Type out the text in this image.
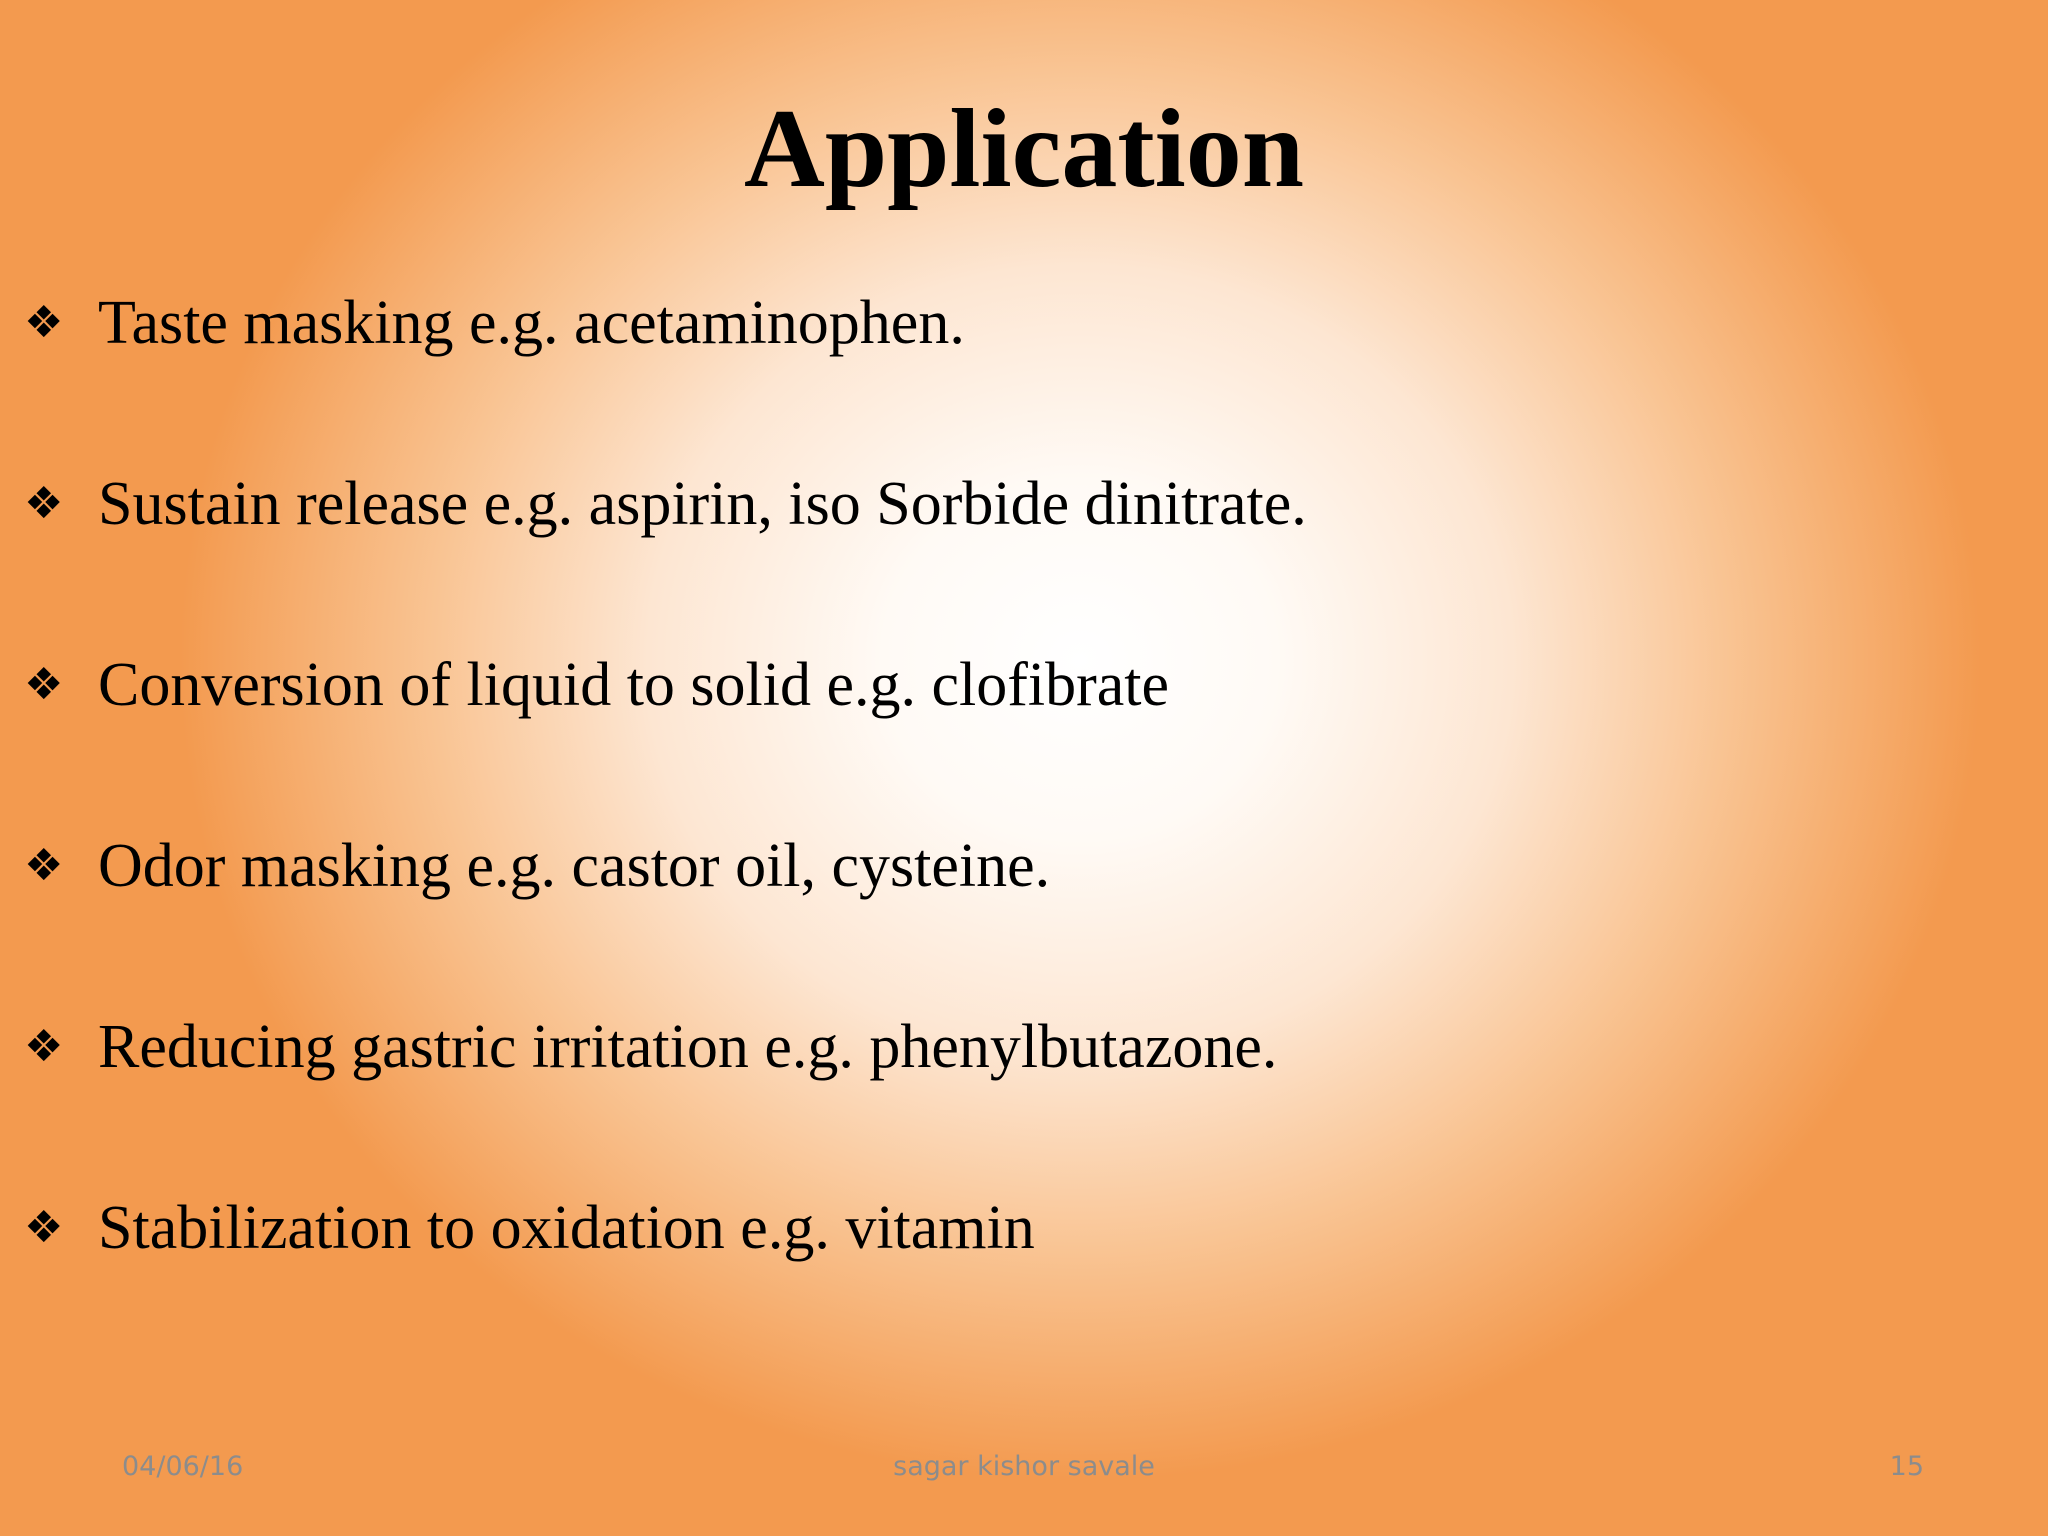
Application
❖ Taste masking e.g. acetaminophen.
❖ Sustain release e.g. aspirin, iso Sorbide dinitrate.
❖ Conversion of liquid to solid e.g. clofibrate
❖ Odor masking e.g. castor oil, cysteine.
❖ Reducing gastric irritation e.g. phenylbutazone.
❖ Stabilization to oxidation e.g. vitamin
04/06/16	sagar kishor savale	15
